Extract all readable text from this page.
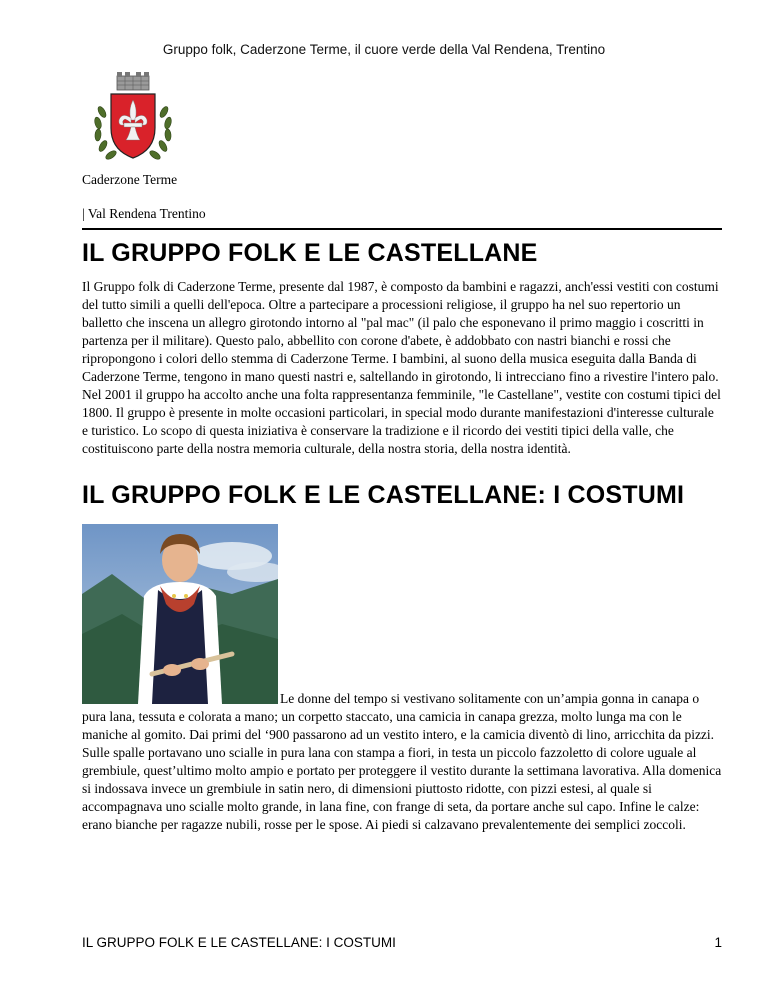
Gruppo folk, Caderzone Terme, il cuore verde della Val Rendena, Trentino
Caderzone Terme
| Val Rendena Trentino
IL GRUPPO FOLK E LE CASTELLANE

Il Gruppo folk di Caderzone Terme, presente dal 1987, è composto da bambini e ragazzi, anch'essi vestiti con costumi del tutto simili a quelli dell'epoca. Oltre a partecipare a processioni religiose, il gruppo ha nel suo repertorio un balletto che inscena un allegro girotondo intorno al "pal mac" (il palo che esponevano il primo maggio i coscritti in partenza per il militare). Questo palo, abbellito con corone d'abete, è addobbato con nastri bianchi e rossi che ripropongono i colori dello stemma di Caderzone Terme. I bambini, al suono della musica eseguita dalla Banda di Caderzone Terme, tengono in mano questi nastri e, saltellando in girotondo, li intrecciano fino a rivestire l'intero palo. Nel 2001 il gruppo ha accolto anche una folta rappresentanza femminile, "le Castellane", vestite con costumi tipici del 1800. Il gruppo è presente in molte occasioni particolari, in special modo durante manifestazioni d'interesse culturale e turistico. Lo scopo di questa iniziativa è conservare la tradizione e il ricordo dei vestiti tipici della valle, che costituiscono parte della nostra memoria culturale, della nostra storia, della nostra identità.

IL GRUPPO FOLK E LE CASTELLANE: I COSTUMI

Le donne del tempo si vestivano solitamente con un’ampia gonna in canapa o pura lana, tessuta e colorata a mano; un corpetto staccato, una camicia in canapa grezza, molto lunga ma con le maniche al gomito. Dai primi del ‘900 passarono ad un vestito intero, e la camicia diventò di lino, arricchita da pizzi. Sulle spalle portavano uno scialle in pura lana con stampa a fiori, in testa un piccolo fazzoletto di colore uguale al grembiule, quest’ultimo molto ampio e portato per proteggere il vestito durante la settimana lavorativa. Alla domenica si indossava invece un grembiule in satin nero, di dimensioni piuttosto ridotte, con pizzi estesi, al quale si accompagnava uno scialle molto grande, in lana fine, con frange di seta, da portare anche sul capo. Infine le calze: erano bianche per ragazze nubili, rosse per le spose. Ai piedi si calzavano prevalentemente dei semplici zoccoli.

IL GRUPPO FOLK E LE CASTELLANE: I COSTUMI	1
